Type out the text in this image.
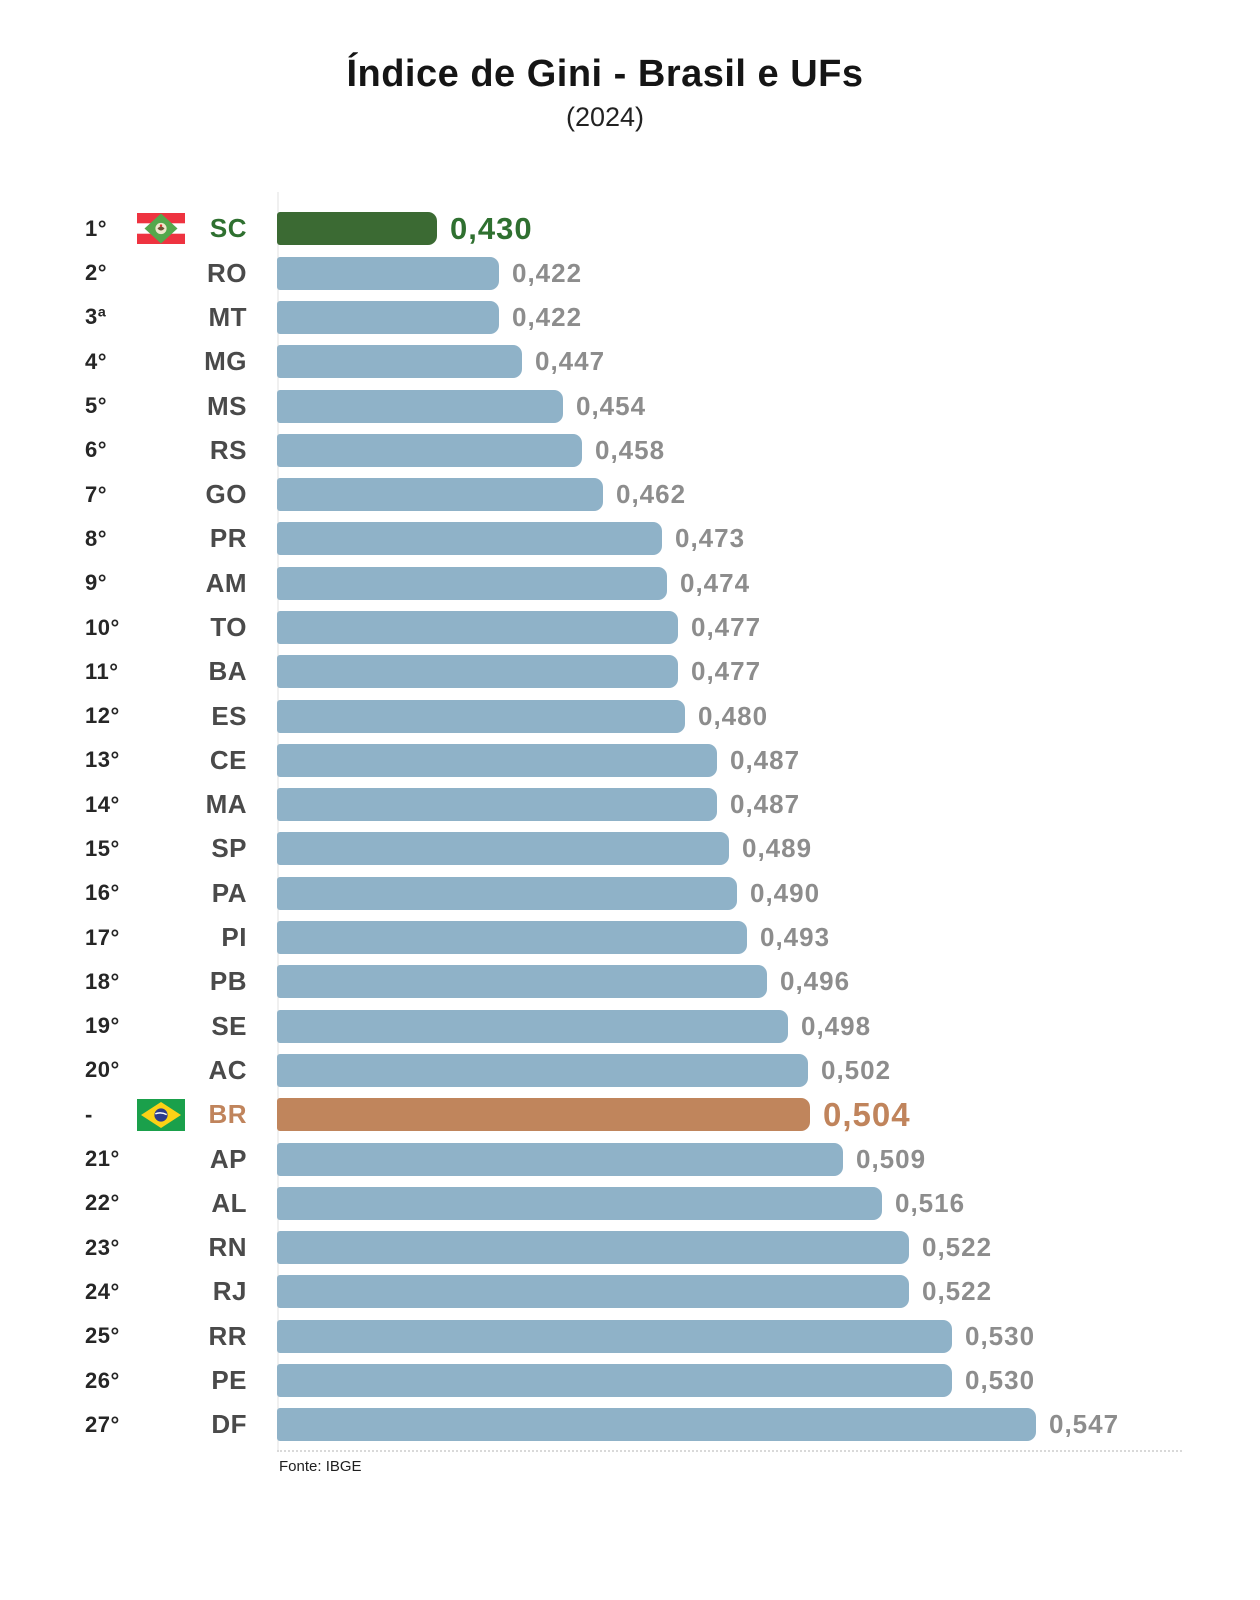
Índice de Gini - Brasil e UFs
(2024)
1°	SC	0,430
2°	RO	0,422
3ª	MT	0,422
4°	MG	0,447
5°	MS	0,454
6°	RS	0,458
7°	GO	0,462
8°	PR	0,473
9°	AM	0,474
10°	TO	0,477
11°	BA	0,477
12°	ES	0,480
13°	CE	0,487
14°	MA	0,487
15°	SP	0,489
16°	PA	0,490
17°	PI	0,493
18°	PB	0,496
19°	SE	0,498
20°	AC	0,502
-	BR	0,504
21°	AP	0,509
22°	AL	0,516
23°	RN	0,522
24°	RJ	0,522
25°	RR	0,530
26°	PE	0,530
27°	DF	0,547
Fonte: IBGE
